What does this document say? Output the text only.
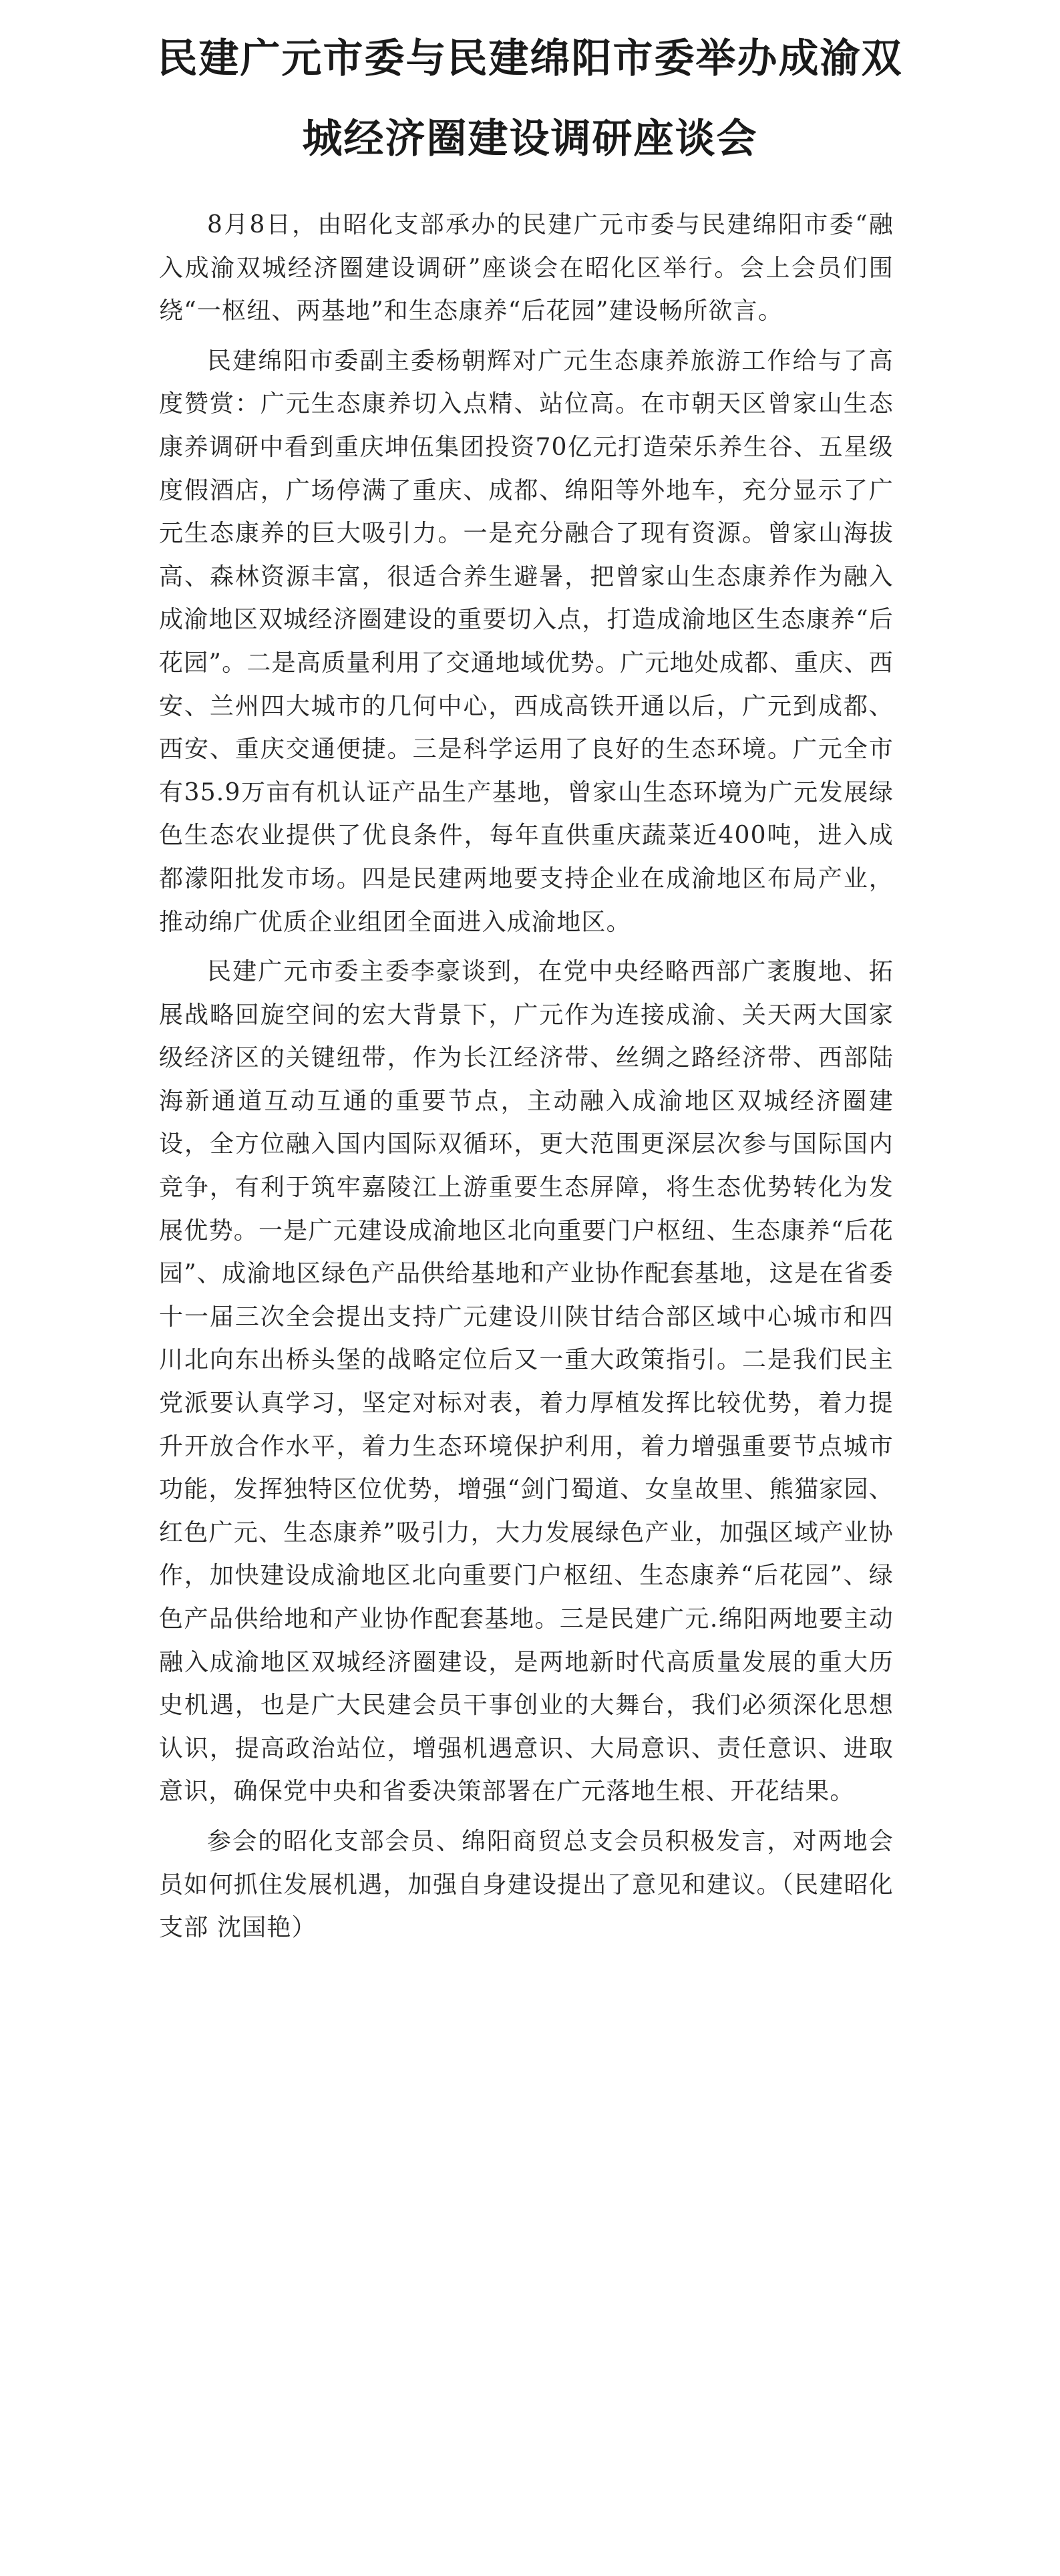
民建广元市委与民建绵阳市委举办成渝双
城经济圈建设调研座谈会

8月8日，由昭化支部承办的民建广元市委与民建绵阳市委“融入成渝双城经济圈建设调研”座谈会在昭化区举行。会上会员们围绕“一枢纽、两基地”和生态康养“后花园”建设畅所欲言。

民建绵阳市委副主委杨朝辉对广元生态康养旅游工作给与了高度赞赏：广元生态康养切入点精、站位高。在市朝天区曾家山生态康养调研中看到重庆坤伍集团投资70亿元打造荣乐养生谷、五星级度假酒店，广场停满了重庆、成都、绵阳等外地车，充分显示了广元生态康养的巨大吸引力。一是充分融合了现有资源。曾家山海拔高、森林资源丰富，很适合养生避暑，把曾家山生态康养作为融入成渝地区双城经济圈建设的重要切入点，打造成渝地区生态康养“后花园”。二是高质量利用了交通地域优势。广元地处成都、重庆、西安、兰州四大城市的几何中心，西成高铁开通以后，广元到成都、西安、重庆交通便捷。三是科学运用了良好的生态环境。广元全市有35.9万亩有机认证产品生产基地，曾家山生态环境为广元发展绿色生态农业提供了优良条件，每年直供重庆蔬菜近400吨，进入成都濛阳批发市场。四是民建两地要支持企业在成渝地区布局产业，推动绵广优质企业组团全面进入成渝地区。

民建广元市委主委李豪谈到，在党中央经略西部广袤腹地、拓展战略回旋空间的宏大背景下，广元作为连接成渝、关天两大国家级经济区的关键纽带，作为长江经济带、丝绸之路经济带、西部陆海新通道互动互通的重要节点，主动融入成渝地区双城经济圈建设，全方位融入国内国际双循环，更大范围更深层次参与国际国内竞争，有利于筑牢嘉陵江上游重要生态屏障，将生态优势转化为发展优势。一是广元建设成渝地区北向重要门户枢纽、生态康养“后花园”、成渝地区绿色产品供给基地和产业协作配套基地，这是在省委十一届三次全会提出支持广元建设川陕甘结合部区域中心城市和四川北向东出桥头堡的战略定位后又一重大政策指引。二是我们民主党派要认真学习，坚定对标对表，着力厚植发挥比较优势，着力提升开放合作水平，着力生态环境保护利用，着力增强重要节点城市功能，发挥独特区位优势，增强“剑门蜀道、女皇故里、熊猫家园、红色广元、生态康养”吸引力，大力发展绿色产业，加强区域产业协作，加快建设成渝地区北向重要门户枢纽、生态康养“后花园”、绿色产品供给地和产业协作配套基地。三是民建广元.绵阳两地要主动融入成渝地区双城经济圈建设，是两地新时代高质量发展的重大历史机遇，也是广大民建会员干事创业的大舞台，我们必须深化思想认识，提高政治站位，增强机遇意识、大局意识、责任意识、进取意识，确保党中央和省委决策部署在广元落地生根、开花结果。

参会的昭化支部会员、绵阳商贸总支会员积极发言，对两地会员如何抓住发展机遇，加强自身建设提出了意见和建议。（民建昭化支部 沈国艳）
